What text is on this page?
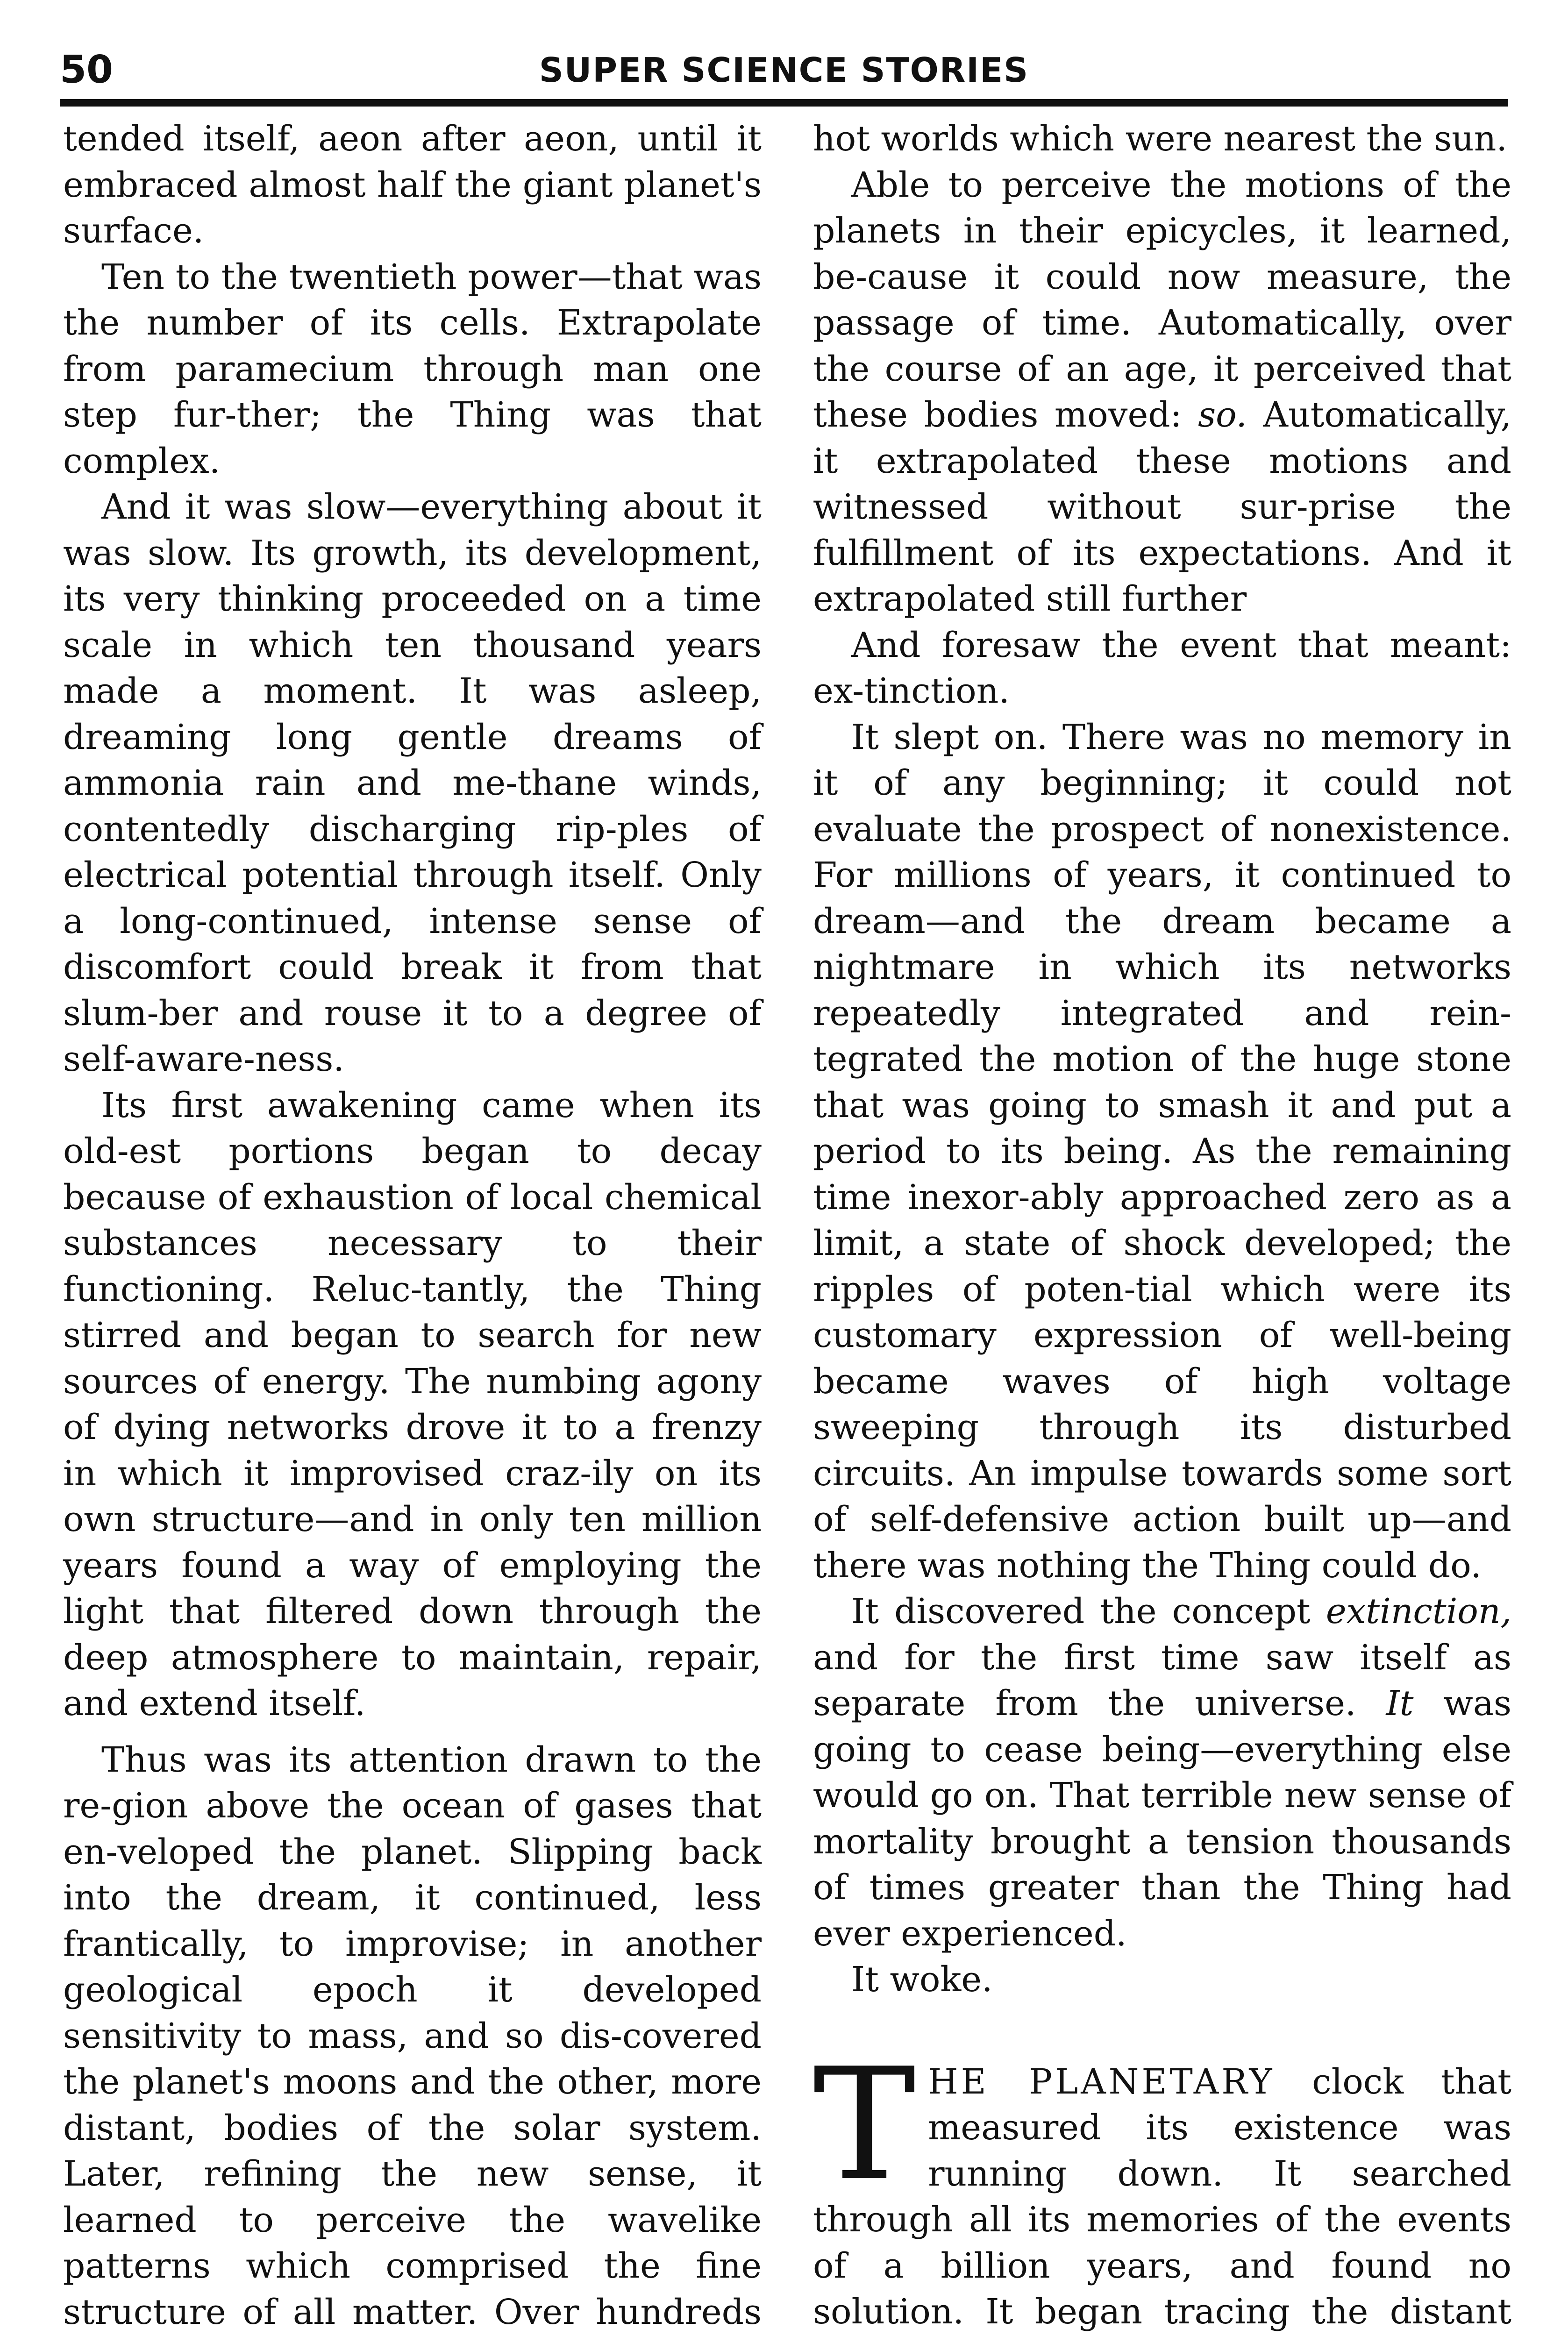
50	SUPER SCIENCE STORIES

tended itself, aeon after aeon, until it embraced almost half the giant planet's surface.

Ten to the twentieth power—that was the number of its cells. Extrapolate from paramecium through man one step fur-ther; the Thing was that complex.

And it was slow—everything about it was slow. Its growth, its development, its very thinking proceeded on a time scale in which ten thousand years made a moment. It was asleep, dreaming long gentle dreams of ammonia rain and me-thane winds, contentedly discharging rip-ples of electrical potential through itself. Only a long-continued, intense sense of discomfort could break it from that slum-ber and rouse it to a degree of self-aware-ness.

Its first awakening came when its old-est portions began to decay because of exhaustion of local chemical substances necessary to their functioning. Reluc-tantly, the Thing stirred and began to search for new sources of energy. The numbing agony of dying networks drove it to a frenzy in which it improvised craz-ily on its own structure—and in only ten million years found a way of employing the light that filtered down through the deep atmosphere to maintain, repair, and extend itself.

Thus was its attention drawn to the re-gion above the ocean of gases that en-veloped the planet. Slipping back into the dream, it continued, less frantically, to improvise; in another geological epoch it developed sensitivity to mass, and so dis-covered the planet's moons and the other, more distant, bodies of the solar system. Later, refining the new sense, it learned to perceive the wavelike patterns which comprised the fine structure of all matter. Over hundreds

hot worlds which were nearest the sun.

Able to perceive the motions of the planets in their epicycles, it learned, be-cause it could now measure, the passage of time. Automatically, over the course of an age, it perceived that these bodies moved: so. Automatically, it extrapolated these motions and witnessed without sur-prise the fulfillment of its expectations. And it extrapolated still further

And foresaw the event that meant: ex-tinction.

It slept on. There was no memory in it of any beginning; it could not evaluate the prospect of nonexistence. For millions of years, it continued to dream—and the dream became a nightmare in which its networks repeatedly integrated and rein-tegrated the motion of the huge stone that was going to smash it and put a period to its being. As the remaining time inexor-ably approached zero as a limit, a state of shock developed; the ripples of poten-tial which were its customary expression of well-being became waves of high voltage sweeping through its disturbed circuits. An impulse towards some sort of self-defensive action built up—and there was nothing the Thing could do.

It discovered the concept extinction, and for the first time saw itself as separate from the universe. It was going to cease being—everything else would go on. That terrible new sense of mortality brought a tension thousands of times greater than the Thing had ever experienced.

It woke.

T HE PLANETARY clock that measured its existence was running down. It searched through all its memories of the events of a billion years, and found no solution. It began tracing the distant
